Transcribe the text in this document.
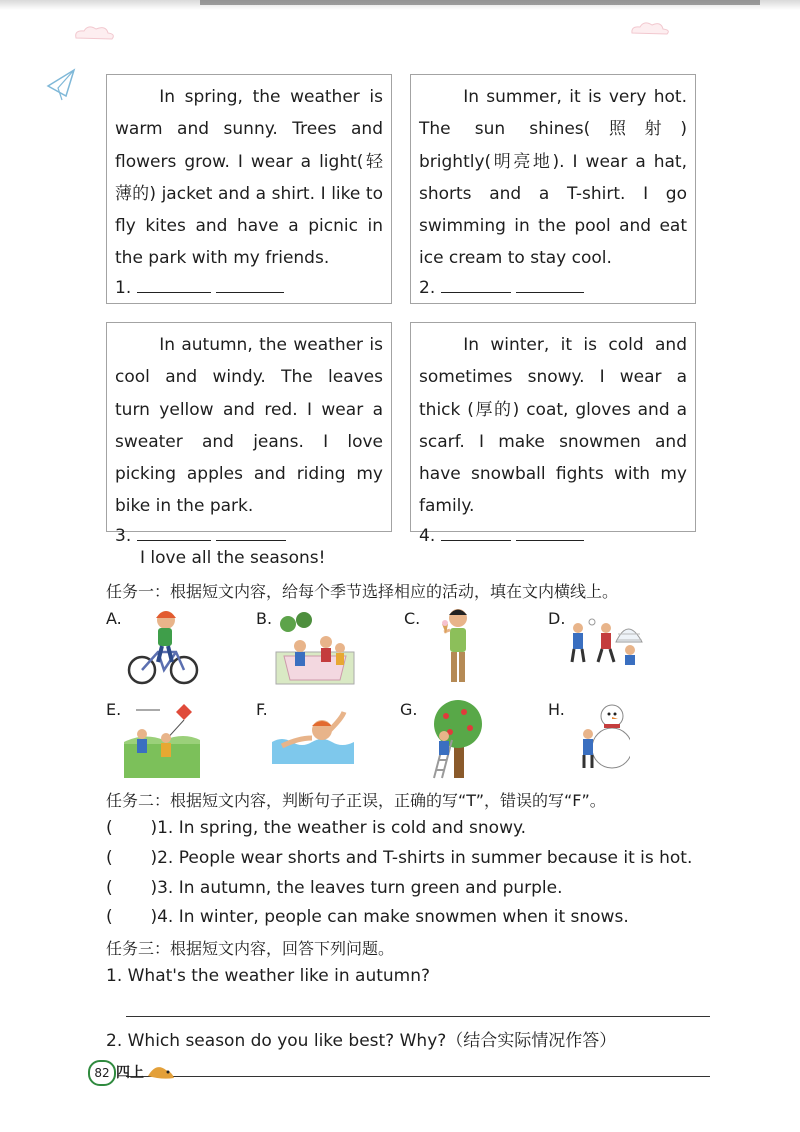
In spring, the weather is warm and sunny. Trees and flowers grow. I wear a light(轻薄的) jacket and a shirt. I like to fly kites and have a picnic in the park with my friends.

1.

In summer, it is very hot. The sun shines(照射) brightly(明亮地). I wear a hat, shorts and a T-shirt. I go swimming in the pool and eat ice cream to stay cool.

2.

In autumn, the weather is cool and windy. The leaves turn yellow and red. I wear a sweater and jeans. I love picking apples and riding my bike in the park.

3.

In winter, it is cold and sometimes snowy. I wear a thick (厚的) coat, gloves and a scarf. I make snowmen and have snowball fights with my family.

4.
I love all the seasons!
任务一：根据短文内容，给每个季节选择相应的活动，填在文内横线上。
A.	B.	C.	D.
E.	F.	G.	H.
任务二：根据短文内容，判断句子正误，正确的写“T”，错误的写“F”。
(       )1. In spring, the weather is cold and snowy.
(       )2. People wear shorts and T-shirts in summer because it is hot.
(       )3. In autumn, the leaves turn green and purple.
(       )4. In winter, people can make snowmen when it snows.
任务三：根据短文内容，回答下列问题。
1. What's the weather like in autumn?
2. Which season do you like best? Why?（结合实际情况作答）
82 四上
